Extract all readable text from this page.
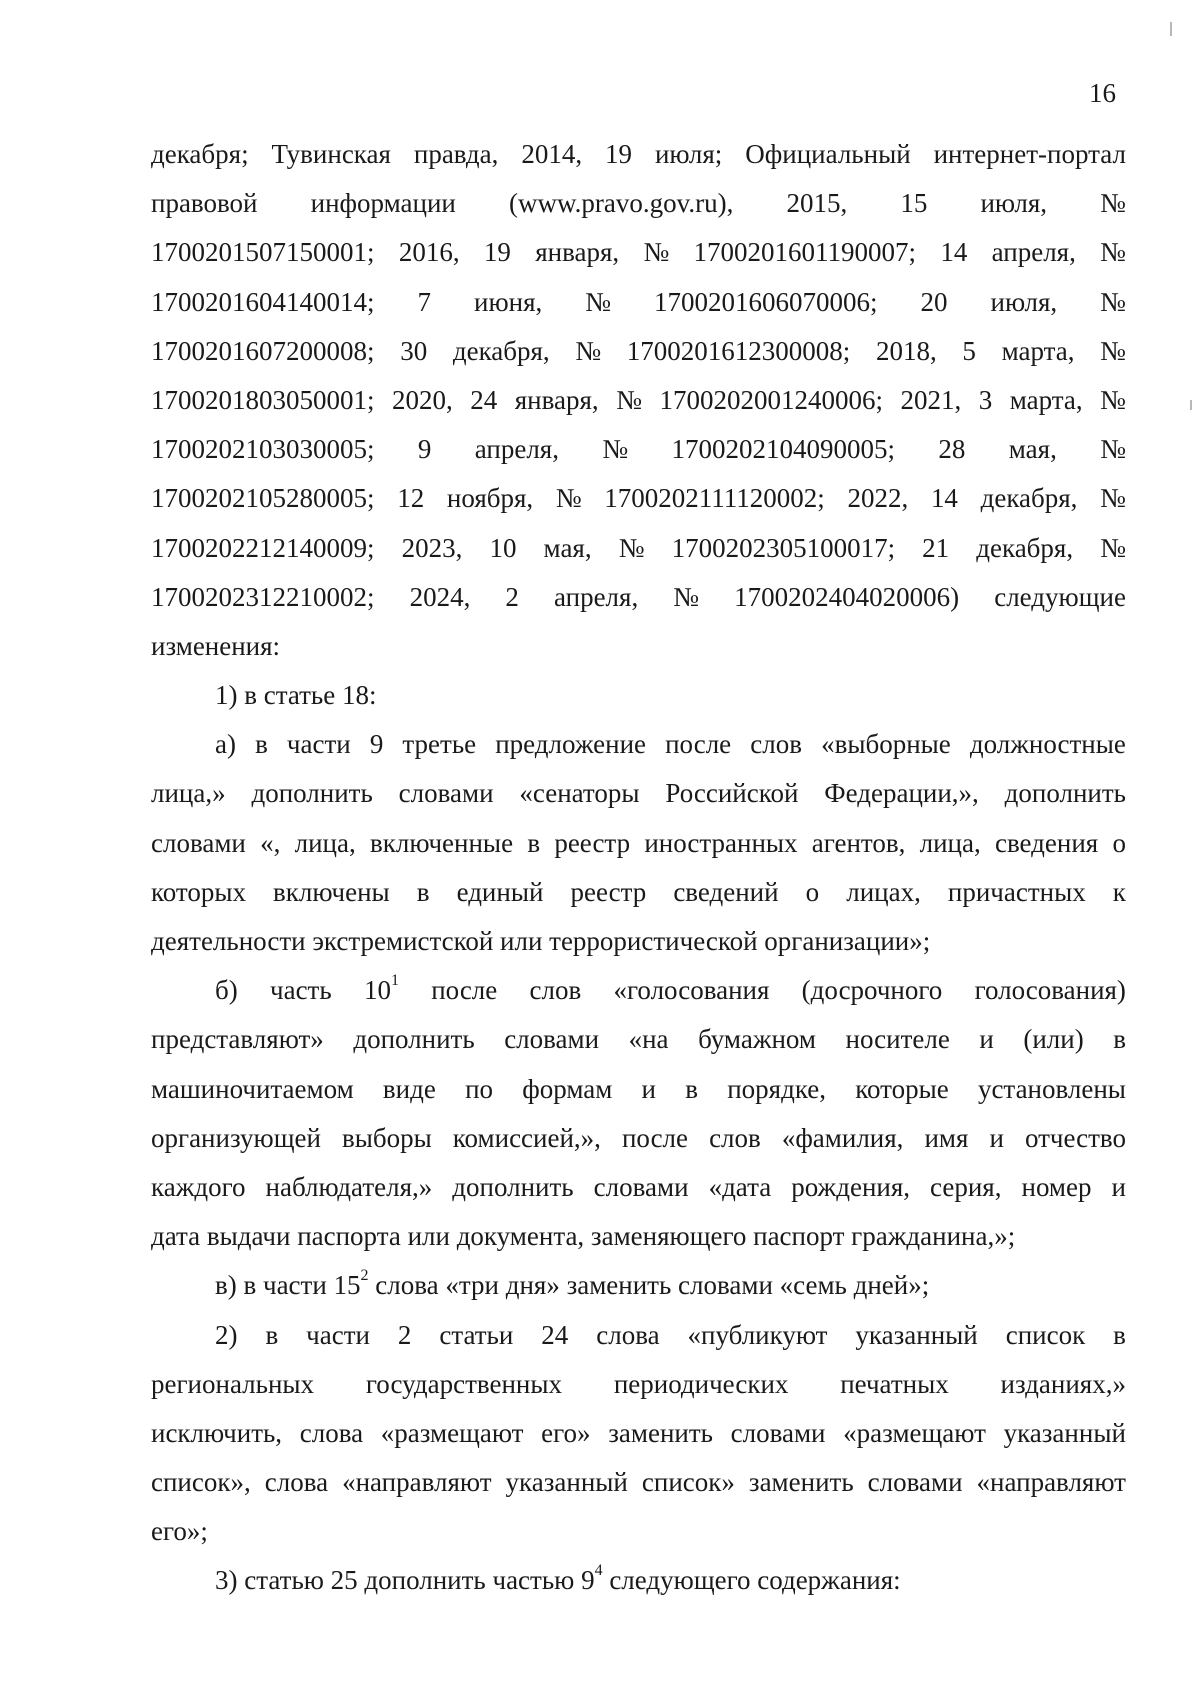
16
декабря; Тувинская правда, 2014, 19 июля; Официальный интернет-портал
правовой информации (www.pravo.gov.ru), 2015, 15 июля, №
1700201507150001; 2016, 19 января, № 1700201601190007; 14 апреля, №
1700201604140014; 7 июня, № 1700201606070006; 20 июля, №
1700201607200008; 30 декабря, № 1700201612300008; 2018, 5 марта, №
1700201803050001; 2020, 24 января, № 1700202001240006; 2021, 3 марта, №
1700202103030005; 9 апреля, № 1700202104090005; 28 мая, №
1700202105280005; 12 ноября, № 1700202111120002; 2022, 14 декабря, №
1700202212140009; 2023, 10 мая, № 1700202305100017; 21 декабря, №
1700202312210002; 2024, 2 апреля, № 1700202404020006) следующие
изменения:
1) в статье 18:
а) в части 9 третье предложение после слов «выборные должностные
лица,» дополнить словами «сенаторы Российской Федерации,», дополнить
словами «, лица, включенные в реестр иностранных агентов, лица, сведения о
которых включены в единый реестр сведений о лицах, причастных к
деятельности экстремистской или террористической организации»;
б) часть $10^1$ после слов «голосования (досрочного голосования)
представляют» дополнить словами «на бумажном носителе и (или) в
машиночитаемом виде по формам и в порядке, которые установлены
организующей выборы комиссией,», после слов «фамилия, имя и отчество
каждого наблюдателя,» дополнить словами «дата рождения, серия, номер и
дата выдачи паспорта или документа, заменяющего паспорт гражданина,»;
в) в части $15^2$ слова «три дня» заменить словами «семь дней»;
2) в части 2 статьи 24 слова «публикуют указанный список в
региональных государственных периодических печатных изданиях,»
исключить, слова «размещают его» заменить словами «размещают указанный
список», слова «направляют указанный список» заменить словами «направляют
его»;
3) статью 25 дополнить частью $9^4$ следующего содержания:
